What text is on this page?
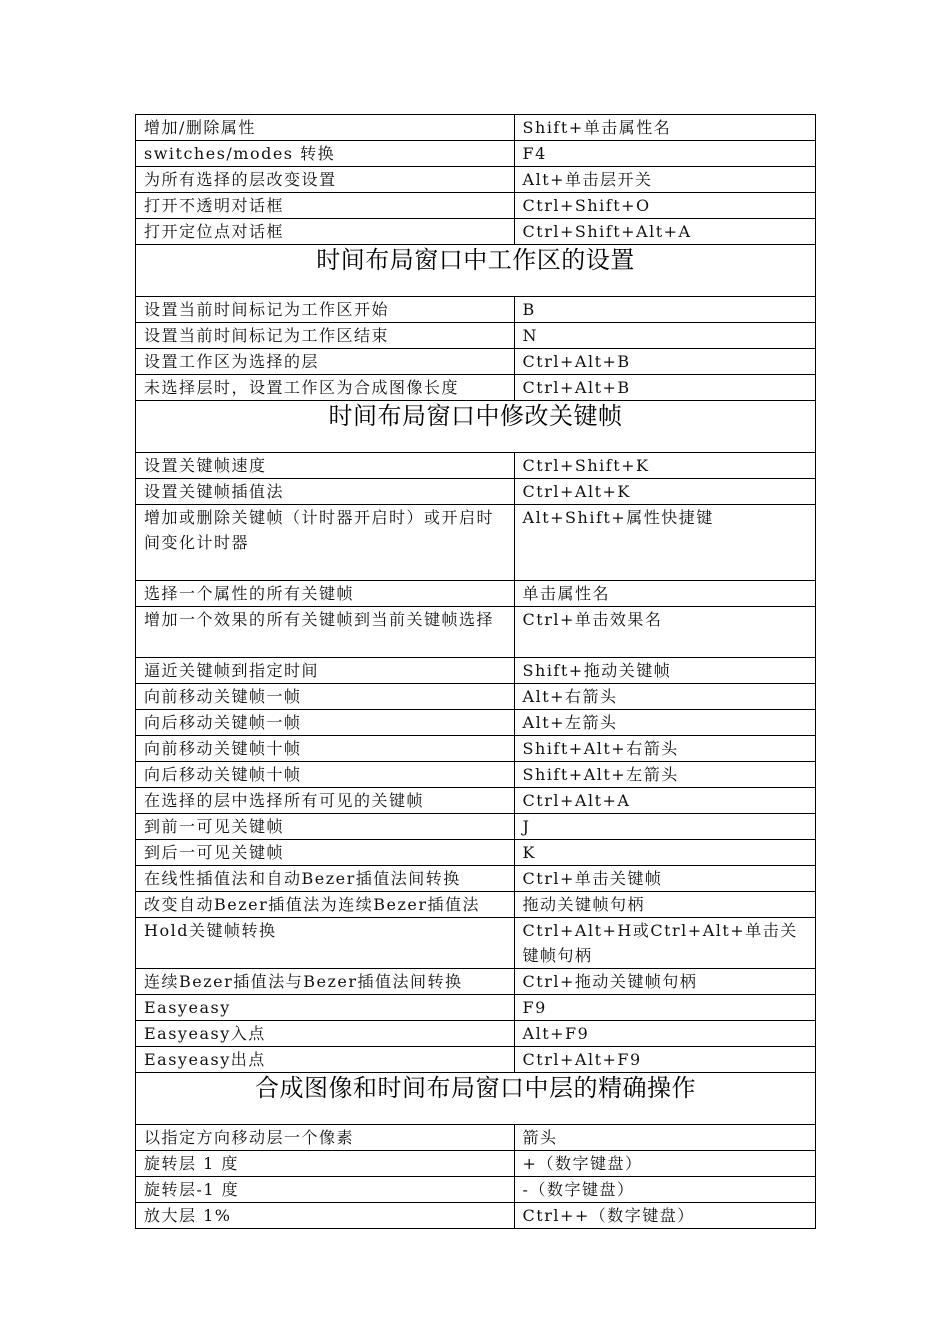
增加/删除属性	Shift+单击属性名
switches/modes 转换	F4
为所有选择的层改变设置	Alt+单击层开关
打开不透明对话框	Ctrl+Shift+O
打开定位点对话框	Ctrl+Shift+Alt+A
时间布局窗口中工作区的设置	
设置当前时间标记为工作区开始	B
设置当前时间标记为工作区结束	N
设置工作区为选择的层	Ctrl+Alt+B
未选择层时，设置工作区为合成图像长度	Ctrl+Alt+B
时间布局窗口中修改关键帧	
设置关键帧速度	Ctrl+Shift+K
设置关键帧插值法	Ctrl+Alt+K
增加或删除关键帧（计时器开启时）或开启时间变化计时器	Alt+Shift+属性快捷键
选择一个属性的所有关键帧	单击属性名
增加一个效果的所有关键帧到当前关键帧选择	Ctrl+单击效果名
逼近关键帧到指定时间	Shift+拖动关键帧
向前移动关键帧一帧	Alt+右箭头
向后移动关键帧一帧	Alt+左箭头
向前移动关键帧十帧	Shift+Alt+右箭头
向后移动关键帧十帧	Shift+Alt+左箭头
在选择的层中选择所有可见的关键帧	Ctrl+Alt+A
到前一可见关键帧	J
到后一可见关键帧	K
在线性插值法和自动Bezer插值法间转换	Ctrl+单击关键帧
改变自动Bezer插值法为连续Bezer插值法	拖动关键帧句柄
Hold关键帧转换	Ctrl+Alt+H或Ctrl+Alt+单击关键帧句柄
连续Bezer插值法与Bezer插值法间转换	Ctrl+拖动关键帧句柄
Easyeasy	F9
Easyeasy入点	Alt+F9
Easyeasy出点	Ctrl+Alt+F9
合成图像和时间布局窗口中层的精确操作	
以指定方向移动层一个像素	箭头
旋转层 1 度	+（数字键盘）
旋转层-1 度	-（数字键盘）
放大层 1%	Ctrl++（数字键盘）
